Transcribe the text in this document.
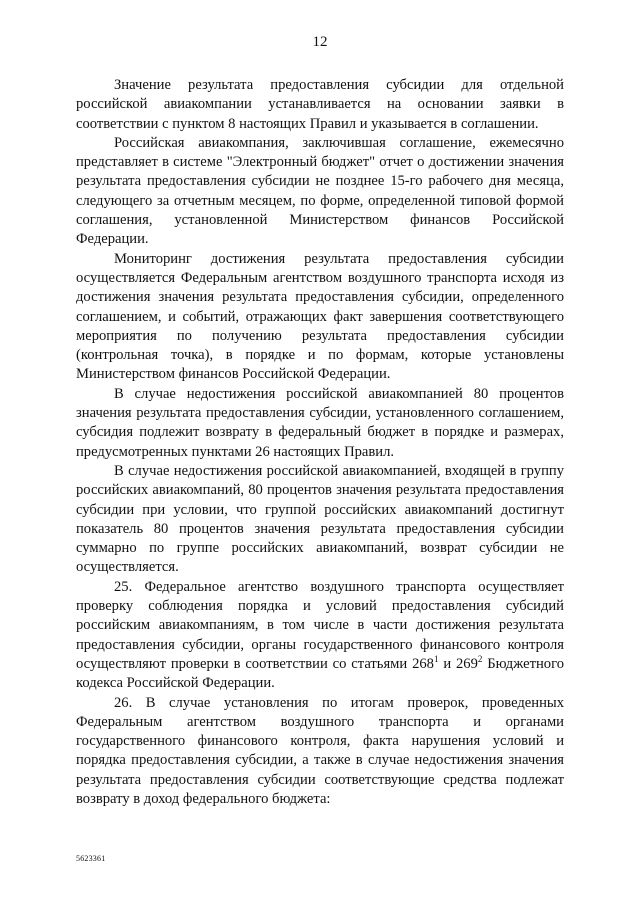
12

Значение результата предоставления субсидии для отдельной российской авиакомпании устанавливается на основании заявки в соответствии с пунктом 8 настоящих Правил и указывается в соглашении.

Российская авиакомпания, заключившая соглашение, ежемесячно представляет в системе "Электронный бюджет" отчет о достижении значения результата предоставления субсидии не позднее 15-го рабочего дня месяца, следующего за отчетным месяцем, по форме, определенной типовой формой соглашения, установленной Министерством финансов Российской Федерации.

Мониторинг достижения результата предоставления субсидии осуществляется Федеральным агентством воздушного транспорта исходя из достижения значения результата предоставления субсидии, определенного соглашением, и событий, отражающих факт завершения соответствующего мероприятия по получению результата предоставления субсидии (контрольная точка), в порядке и по формам, которые установлены Министерством финансов Российской Федерации.

В случае недостижения российской авиакомпанией 80 процентов значения результата предоставления субсидии, установленного соглашением, субсидия подлежит возврату в федеральный бюджет в порядке и размерах, предусмотренных пунктами 26 настоящих Правил.

В случае недостижения российской авиакомпанией, входящей в группу российских авиакомпаний, 80 процентов значения результата предоставления субсидии при условии, что группой российских авиакомпаний достигнут показатель 80 процентов значения результата предоставления субсидии суммарно по группе российских авиакомпаний, возврат субсидии не осуществляется.

25. Федеральное агентство воздушного транспорта осуществляет проверку соблюдения порядка и условий предоставления субсидий российским авиакомпаниям, в том числе в части достижения результата предоставления субсидии, органы государственного финансового контроля осуществляют проверки в соответствии со статьями $268^1$ и $269^2$ Бюджетного кодекса Российской Федерации.

26. В случае установления по итогам проверок, проведенных Федеральным агентством воздушного транспорта и органами государственного финансового контроля, факта нарушения условий и порядка предоставления субсидии, а также в случае недостижения значения результата предоставления субсидии соответствующие средства подлежат возврату в доход федерального бюджета:

5623361
